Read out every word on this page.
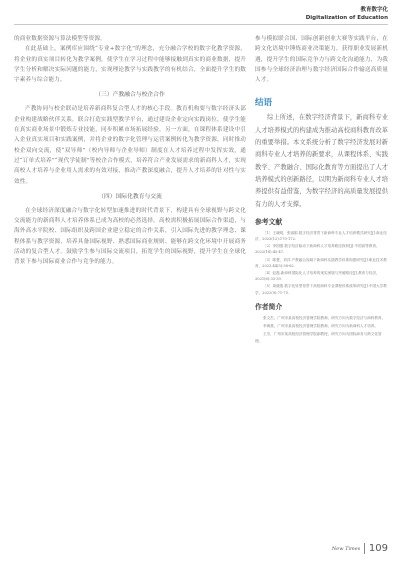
教育数字化
Digitalization of Education

的商业数据资源与算法模型等资源。

在此基础上，案例库应围绕“专业+数字化”的理念，充分融合学校的数字化教学资源，将企业的真实项目转化为教学案例，使学生在学习过程中能够接触到真实的商业数据，提升学生分析和解决实际问题的能力，实现理论教学与实践教学的有机结合，全面提升学生的数字素养与综合能力。

（三）产教融合与校企合作

产教协同与校企联动是培养新商科复合型人才的核心手段。教育机构要与数字经济头部企业构建战略伙伴关系，联合打造实践型教学平台，通过建设企业定向实践岗位，使学生能在真实商业场景中锻炼专业技能，同步积累市场拓展经验。另一方面，在课程体系建设中引入企业真实项目和实践案例，并将企业的数字化管理与运营案例转化为教学资源，同时推动校企双向交流，使“双导师”（校内导师与企业导师）制度在人才培养过程中发挥实效，通过“订单式培养”“现代学徒制”等校企合作模式，培养符合产业发展需求的新商科人才，实现高校人才培养与企业用人需求的有效对接，推动产教深度融合，提升人才培养的针对性与实效性。

（四）国际化教育与交流

在全球经济深度融合与数字化转型加速推进的时代背景下，构建具有全球视野与跨文化交流能力的新商科人才培养体系已成为高校的必然选择。高校需积极拓展国际合作渠道，与海外高水平院校、国际组织及跨国企业建立稳定的合作关系，引入国际先进的教学理念、课程体系与教学资源，培养具备国际视野、熟悉国际商业规则、能够在跨文化环境中开展商务活动的复合型人才。鼓励学生参与国际交流项目，拓宽学生的国际视野，提升学生在全球化背景下参与国际商业合作与竞争的能力。

参与模拟联合国、国际创新创业大赛等实践平台，在跨文化语境中锤炼商业决策能力，获得职业发展新机遇，提升学生的国际竞争力与跨文化沟通能力，为我国参与全球经济治理与数字经济国际合作输送高质量人才。

结语

综上所述，在数字经济背景下，新商科专业人才培养模式的构建成为推动高校商科教育改革的重要举措。本文系统分析了数字经济发展对新商科专业人才培养的新要求，从课程体系、实践教学、产教融合、国际化教育等方面提出了人才培养模式的创新路径，以期为新商科专业人才培养提供有益借鉴，为数字经济的高质量发展提供有力的人才支撑。

参考文献

［1］王晓明，张丽娟.数字经济背景下新商科专业人才培养模式研究[J].商业经济，2023(12):170-172.

［2］李国强.数字经济驱动下新商科人才培养路径探析[J].中国高等教育，2022(18):45-47.

［3］陈慧，刘洋.产教融合视域下新商科实践教学体系构建研究[J].职业技术教育，2023,44(5):58-62.

［4］赵磊.新商科国际化人才培养的现实困境与突破路径[J].教育与经济，2021(6):33-39.

［5］周晓燕.数字化转型背景下高校商科专业课程体系改革研究[J].中国大学教学，2022(9):71-75.

作者简介

张文杰，广州市某高校经济管理学院教师，研究方向为数字经济与商科教育。

李海燕，广州市某高校经济管理学院教师，研究方向为新商科人才培养。

王芳，广州市某高校经济管理学院副教授，研究方向为国际商务与跨文化管理。

New Times 109
